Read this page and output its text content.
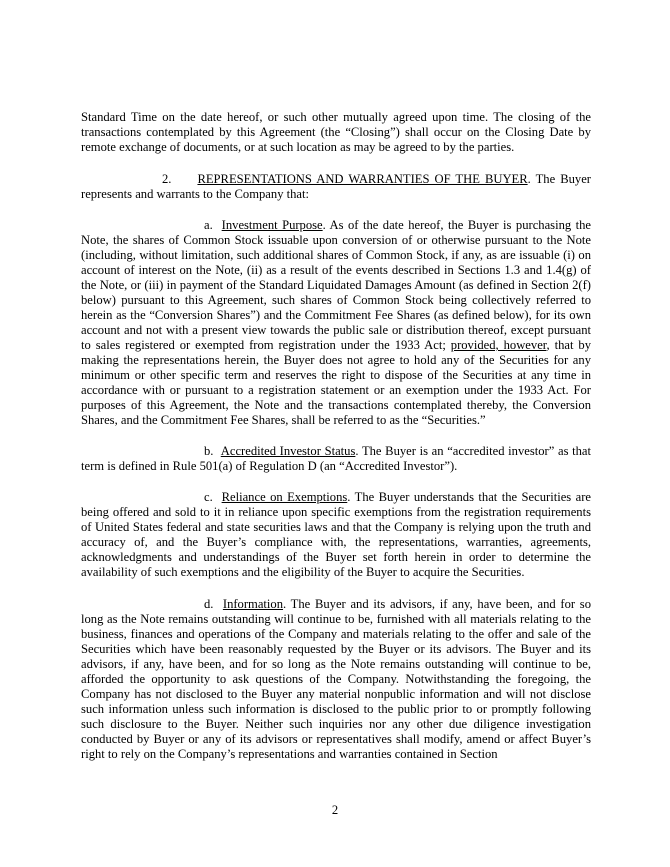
Standard Time on the date hereof, or such other mutually agreed upon time. The closing of the transactions contemplated by this Agreement (the “Closing”) shall occur on the Closing Date by remote exchange of documents, or at such location as may be agreed to by the parties.

2. REPRESENTATIONS AND WARRANTIES OF THE BUYER. The Buyer represents and warrants to the Company that:

a. Investment Purpose. As of the date hereof, the Buyer is purchasing the Note, the shares of Common Stock issuable upon conversion of or otherwise pursuant to the Note (including, without limitation, such additional shares of Common Stock, if any, as are issuable (i) on account of interest on the Note, (ii) as a result of the events described in Sections 1.3 and 1.4(g) of the Note, or (iii) in payment of the Standard Liquidated Damages Amount (as defined in Section 2(f) below) pursuant to this Agreement, such shares of Common Stock being collectively referred to herein as the “Conversion Shares”) and the Commitment Fee Shares (as defined below), for its own account and not with a present view towards the public sale or distribution thereof, except pursuant to sales registered or exempted from registration under the 1933 Act; provided, however, that by making the representations herein, the Buyer does not agree to hold any of the Securities for any minimum or other specific term and reserves the right to dispose of the Securities at any time in accordance with or pursuant to a registration statement or an exemption under the 1933 Act. For purposes of this Agreement, the Note and the transactions contemplated thereby, the Conversion Shares, and the Commitment Fee Shares, shall be referred to as the “Securities.”

b. Accredited Investor Status. The Buyer is an “accredited investor” as that term is defined in Rule 501(a) of Regulation D (an “Accredited Investor”).

c. Reliance on Exemptions. The Buyer understands that the Securities are being offered and sold to it in reliance upon specific exemptions from the registration requirements of United States federal and state securities laws and that the Company is relying upon the truth and accuracy of, and the Buyer’s compliance with, the representations, warranties, agreements, acknowledgments and understandings of the Buyer set forth herein in order to determine the availability of such exemptions and the eligibility of the Buyer to acquire the Securities.

d. Information. The Buyer and its advisors, if any, have been, and for so long as the Note remains outstanding will continue to be, furnished with all materials relating to the business, finances and operations of the Company and materials relating to the offer and sale of the Securities which have been reasonably requested by the Buyer or its advisors. The Buyer and its advisors, if any, have been, and for so long as the Note remains outstanding will continue to be, afforded the opportunity to ask questions of the Company. Notwithstanding the foregoing, the Company has not disclosed to the Buyer any material nonpublic information and will not disclose such information unless such information is disclosed to the public prior to or promptly following such disclosure to the Buyer. Neither such inquiries nor any other due diligence investigation conducted by Buyer or any of its advisors or representatives shall modify, amend or affect Buyer’s right to rely on the Company’s representations and warranties contained in Section

2
